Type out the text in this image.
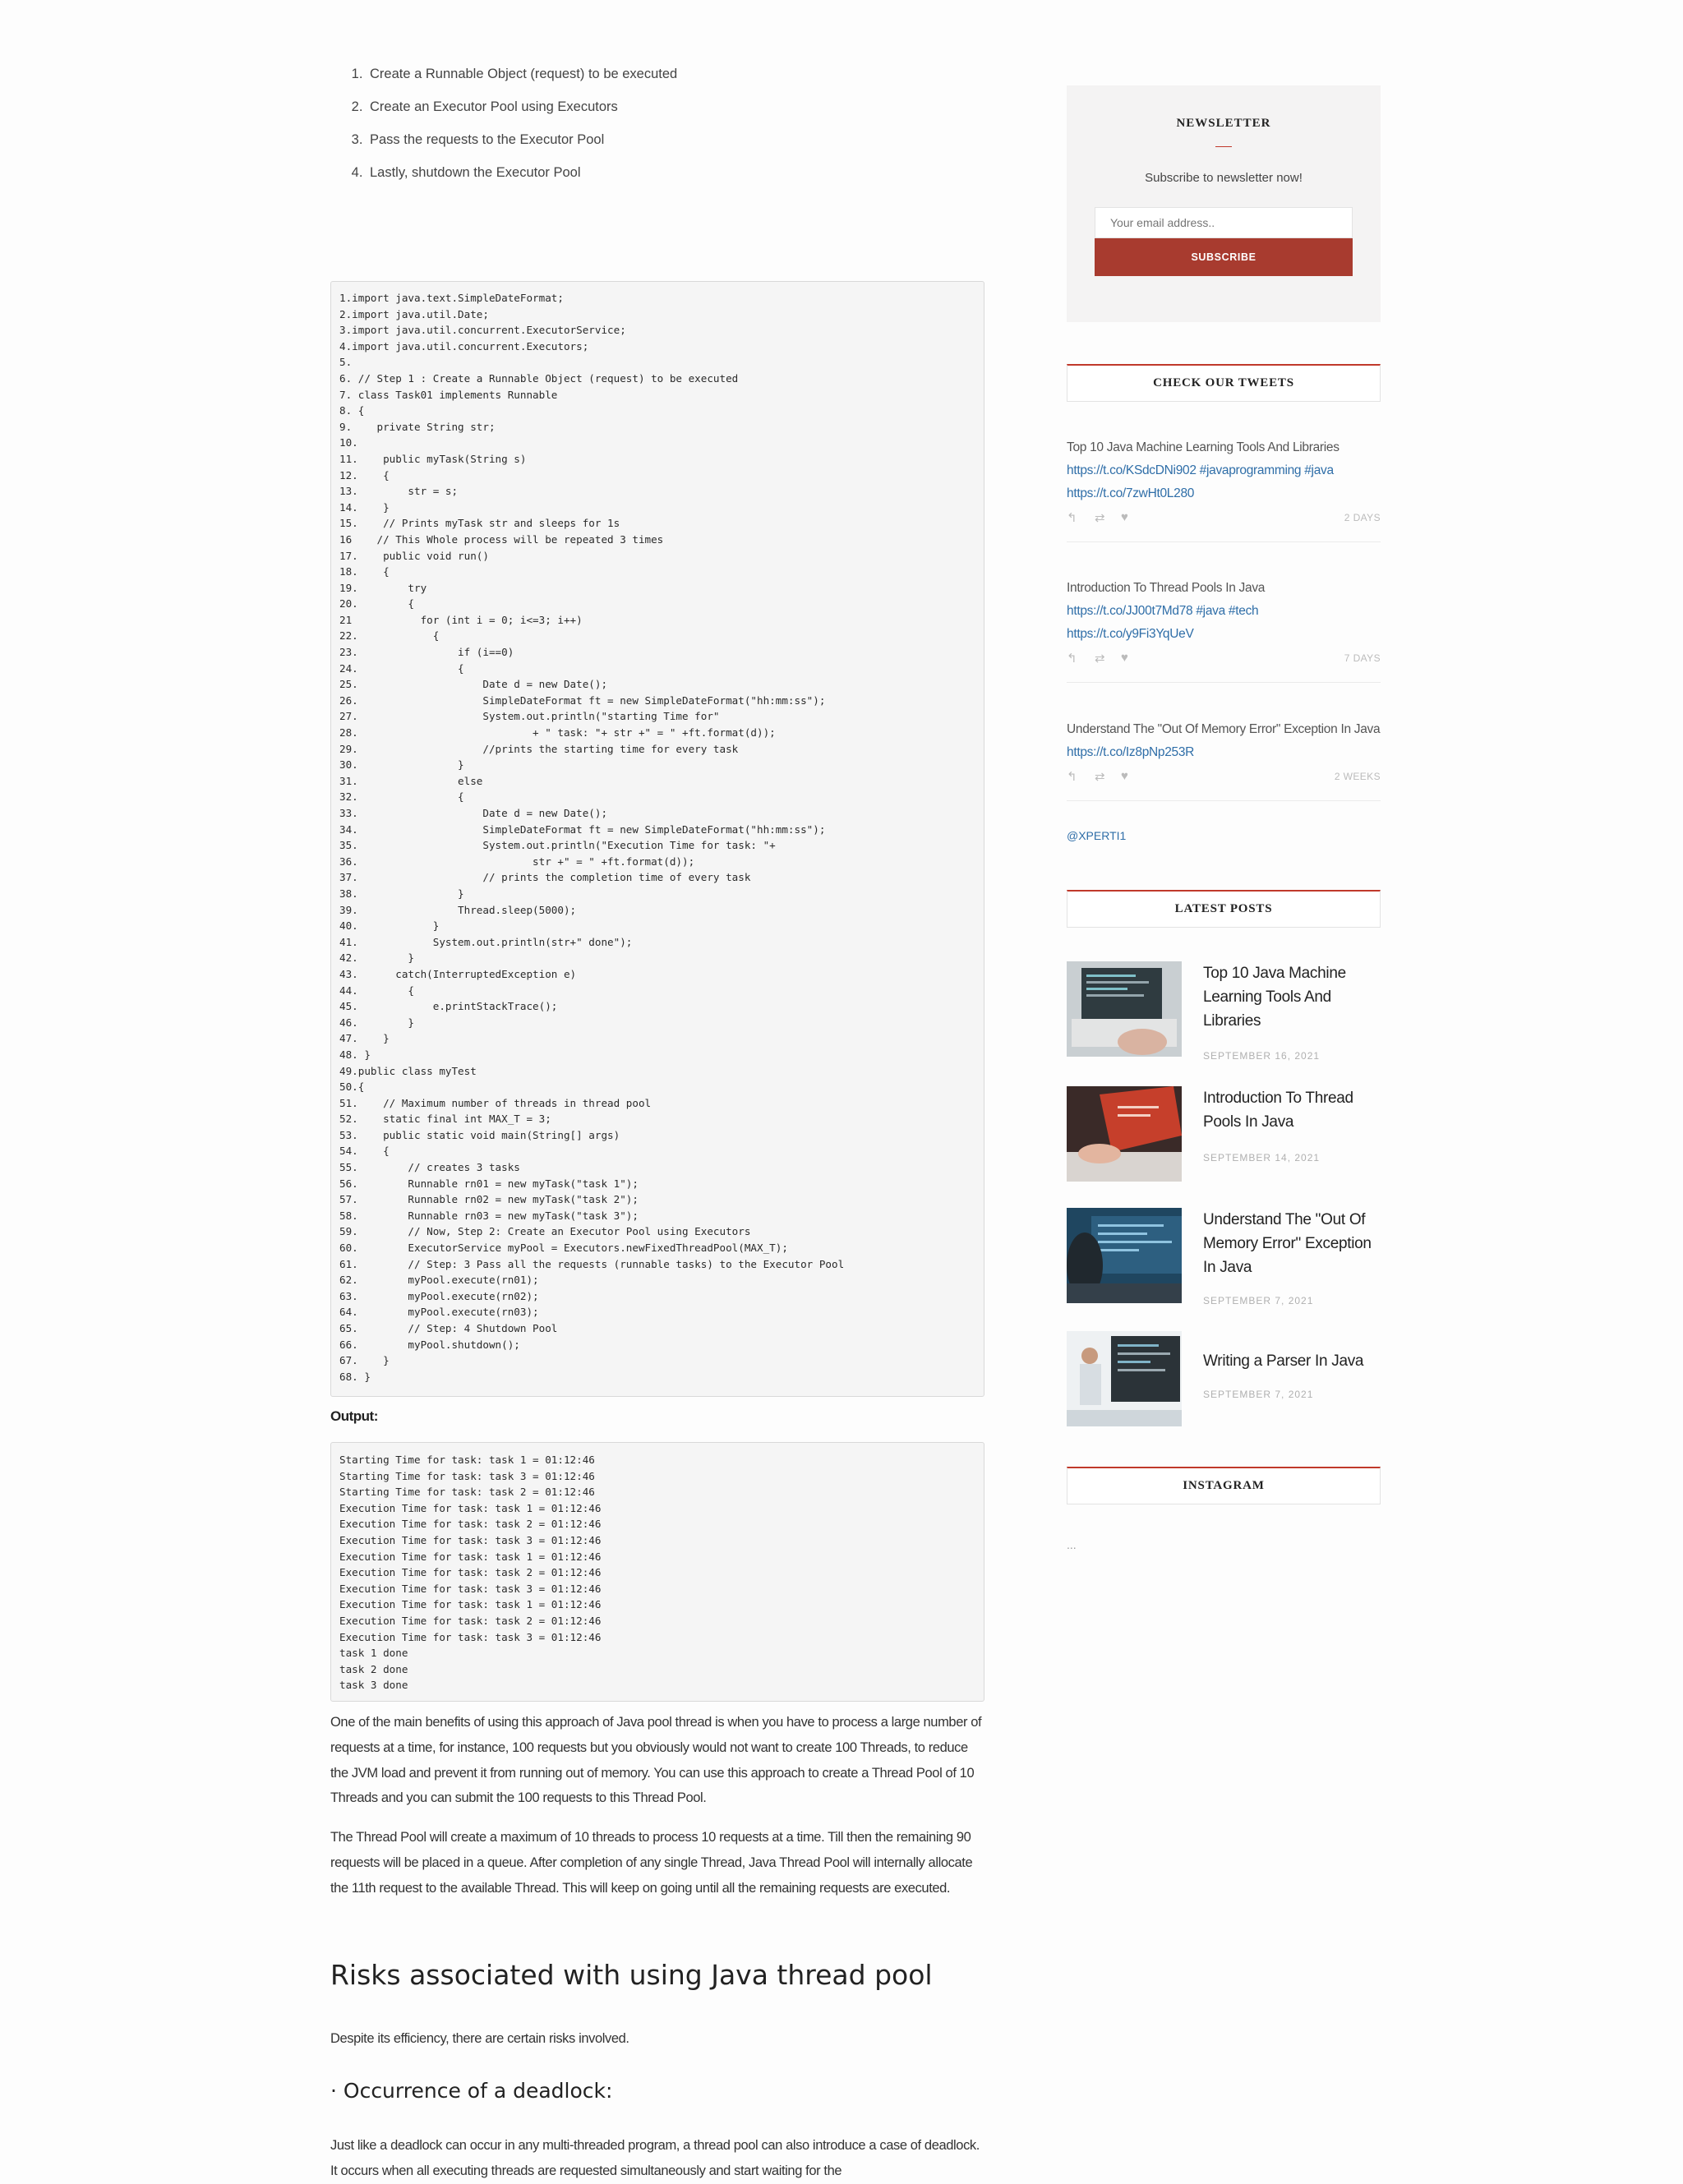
1. Create a Runnable Object (request) to be executed
2. Create an Executor Pool using Executors
3. Pass the requests to the Executor Pool
4. Lastly, shutdown the Executor Pool
1.import java.text.SimpleDateFormat;
2.import java.util.Date;
3.import java.util.concurrent.ExecutorService;
4.import java.util.concurrent.Executors;
5.
6. // Step 1 : Create a Runnable Object (request) to be executed
7. class Task01 implements Runnable
8. {
9.    private String str;
10.
11.    public myTask(String s)
12.    {
13.        str = s;
14.    }
15.    // Prints myTask str and sleeps for 1s
16    // This Whole process will be repeated 3 times
17.    public void run()
18.    {
19.        try
20.        {
21           for (int i = 0; i<=3; i++)
22.            {
23.                if (i==0)
24.                {
25.                    Date d = new Date();
26.                    SimpleDateFormat ft = new SimpleDateFormat("hh:mm:ss");
27.                    System.out.println("starting Time for"
28.                            + " task: "+ str +" = " +ft.format(d));
29.                    //prints the starting time for every task
30.                }
31.                else
32.                {
33.                    Date d = new Date();
34.                    SimpleDateFormat ft = new SimpleDateFormat("hh:mm:ss");
35.                    System.out.println("Execution Time for task: "+
36.                            str +" = " +ft.format(d));
37.                    // prints the completion time of every task
38.                }
39.                Thread.sleep(5000);
40.            }
41.            System.out.println(str+" done");
42.        }
43.      catch(InterruptedException e)
44.        {
45.            e.printStackTrace();
46.        }
47.    }
48. }
49.public class myTest
50.{
51.    // Maximum number of threads in thread pool
52.    static final int MAX_T = 3;
53.    public static void main(String[] args)
54.    {
55.        // creates 3 tasks
56.        Runnable rn01 = new myTask("task 1");
57.        Runnable rn02 = new myTask("task 2");
58.        Runnable rn03 = new myTask("task 3");
59.        // Now, Step 2: Create an Executor Pool using Executors
60.        ExecutorService myPool = Executors.newFixedThreadPool(MAX_T);
61.        // Step: 3 Pass all the requests (runnable tasks) to the Executor Pool
62.        myPool.execute(rn01);
63.        myPool.execute(rn02);
64.        myPool.execute(rn03);
65.        // Step: 4 Shutdown Pool
66.        myPool.shutdown();
67.    }
68. }
Output:
Starting Time for task: task 1 = 01:12:46
Starting Time for task: task 3 = 01:12:46
Starting Time for task: task 2 = 01:12:46
Execution Time for task: task 1 = 01:12:46
Execution Time for task: task 2 = 01:12:46
Execution Time for task: task 3 = 01:12:46
Execution Time for task: task 1 = 01:12:46
Execution Time for task: task 2 = 01:12:46
Execution Time for task: task 3 = 01:12:46
Execution Time for task: task 1 = 01:12:46
Execution Time for task: task 2 = 01:12:46
Execution Time for task: task 3 = 01:12:46
task 1 done
task 2 done
task 3 done

One of the main benefits of using this approach of Java pool thread is when you have to process a large number of requests at a time, for instance, 100 requests but you obviously would not want to create 100 Threads, to reduce the JVM load and prevent it from running out of memory. You can use this approach to create a Thread Pool of 10 Threads and you can submit the 100 requests to this Thread Pool.

The Thread Pool will create a maximum of 10 threads to process 10 requests at a time. Till then the remaining 90 requests will be placed in a queue. After completion of any single Thread, Java Thread Pool will internally allocate the 11th request to the available Thread. This will keep on going until all the remaining requests are executed.

Risks associated with using Java thread pool

Despite its efficiency, there are certain risks involved.

· Occurrence of a deadlock:

Just like a deadlock can occur in any multi-threaded program, a thread pool can also introduce a case of deadlock. It occurs when all executing threads are requested simultaneously and start waiting for the

NEWSLETTER
Subscribe to newsletter now!
Your email address..
SUBSCRIBE
CHECK OUR TWEETS
Top 10 Java Machine Learning Tools And Libraries
https://t.co/KSdcDNi902 #javaprogramming #java https://t.co/7zwHt0L280
↰ ⇄ ♥	2 DAYS
Introduction To Thread Pools In Java
https://t.co/JJ00t7Md78 #java #tech https://t.co/y9Fi3YqUeV
↰ ⇄ ♥	7 DAYS
Understand The "Out Of Memory Error" Exception In Java https://t.co/Iz8pNp253R
↰ ⇄ ♥	2 WEEKS
@XPERTI1
LATEST POSTS
Top 10 Java Machine Learning Tools And Libraries
SEPTEMBER 16, 2021
Introduction To Thread Pools In Java
SEPTEMBER 14, 2021
Understand The "Out Of Memory Error" Exception In Java
SEPTEMBER 7, 2021
Writing a Parser In Java
SEPTEMBER 7, 2021
INSTAGRAM
...
